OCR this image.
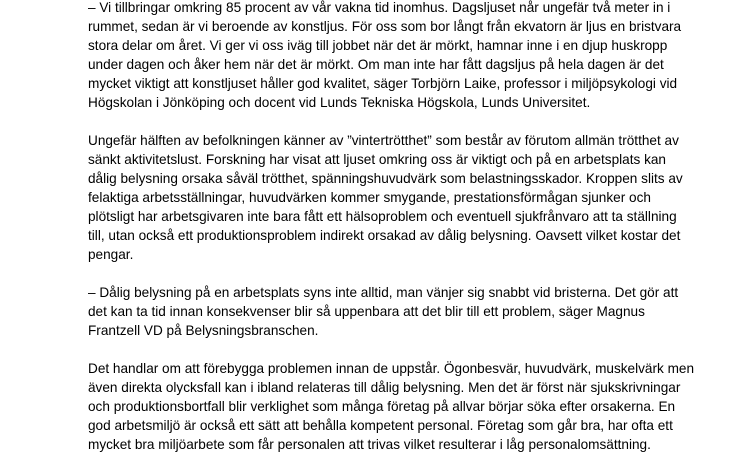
– Vi tillbringar omkring 85 procent av vår vakna tid inomhus. Dagsljuset når ungefär två meter in i
rummet, sedan är vi beroende av konstljus. För oss som bor långt från ekvatorn är ljus en bristvara
stora delar om året. Vi ger vi oss iväg till jobbet när det är mörkt, hamnar inne i en djup huskropp
under dagen och åker hem när det är mörkt. Om man inte har fått dagsljus på hela dagen är det
mycket viktigt att konstljuset håller god kvalitet, säger Torbjörn Laike, professor i miljöpsykologi vid
Högskolan i Jönköping och docent vid Lunds Tekniska Högskola, Lunds Universitet.
Ungefär hälften av befolkningen känner av ”vintertrötthet” som består av förutom allmän trötthet av
sänkt aktivitetslust. Forskning har visat att ljuset omkring oss är viktigt och på en arbetsplats kan
dålig belysning orsaka såväl trötthet, spänningshuvudvärk som belastningsskador. Kroppen slits av
felaktiga arbetsställningar, huvudvärken kommer smygande, prestationsförmågan sjunker och
plötsligt har arbetsgivaren inte bara fått ett hälsoproblem och eventuell sjukfrånvaro att ta ställning
till, utan också ett produktionsproblem indirekt orsakad av dålig belysning. Oavsett vilket kostar det
pengar.
– Dålig belysning på en arbetsplats syns inte alltid, man vänjer sig snabbt vid bristerna. Det gör att
det kan ta tid innan konsekvenser blir så uppenbara att det blir till ett problem, säger Magnus
Frantzell VD på Belysningsbranschen.
Det handlar om att förebygga problemen innan de uppstår. Ögonbesvär, huvudvärk, muskelvärk men
även direkta olycksfall kan i ibland relateras till dålig belysning. Men det är först när sjukskrivningar
och produktionsbortfall blir verklighet som många företag på allvar börjar söka efter orsakerna. En
god arbetsmiljö är också ett sätt att behålla kompetent personal. Företag som går bra, har ofta ett
mycket bra miljöarbete som får personalen att trivas vilket resulterar i låg personalomsättning.
